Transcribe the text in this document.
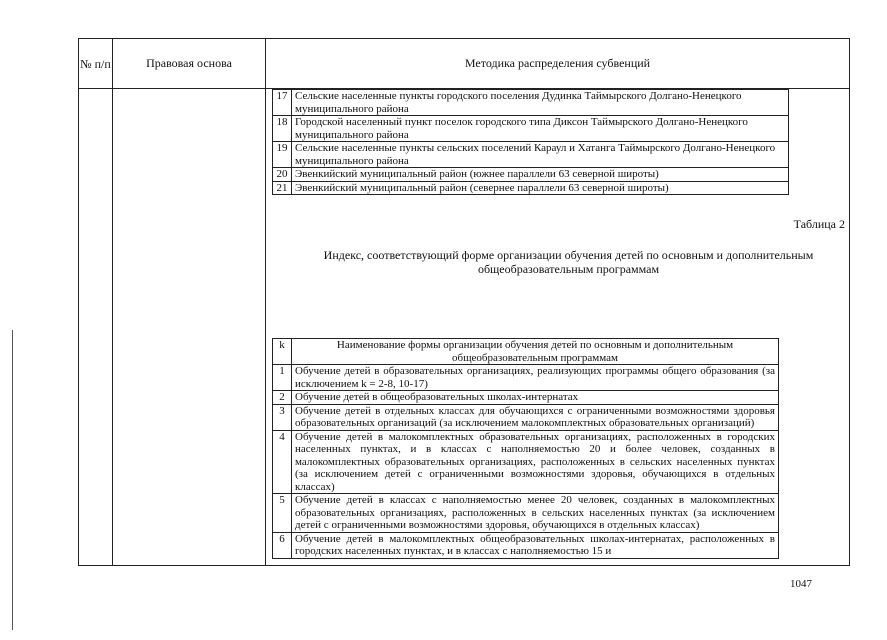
№ п/п	Правовая основа	Методика распределения субвенций

17	Сельские населенные пункты городского поселения Дудинка Таймырского Долгано-Ненецкого муниципального района
18	Городской населенный пункт поселок городского типа Диксон Таймырского Долгано-Ненецкого муниципального района
19	Сельские населенные пункты сельских поселений Караул и Хатанга Таймырского Долгано-Ненецкого муниципального района
20	Эвенкийский муниципальный район (южнее параллели 63 северной широты)
21	Эвенкийский муниципальный район (севернее параллели 63 северной широты)
Таблица 2
Индекс, соответствующий форме организации обучения детей по основным и дополнительным общеобразовательным программам
k	Наименование формы организации обучения детей по основным и дополнительным общеобразовательным программам
1	Обучение детей в образовательных организациях, реализующих программы общего образования (за исключением k = 2-8, 10-17)
2	Обучение детей в общеобразовательных школах-интернатах
3	Обучение детей в отдельных классах для обучающихся с ограниченными возможностями здоровья образовательных организаций (за исключением малокомплектных образовательных организаций)
4	Обучение детей в малокомплектных образовательных организациях, расположенных в городских населенных пунктах, и в классах с наполняемостью 20 и более человек, созданных в малокомплектных образовательных организациях, расположенных в сельских населенных пунктах (за исключением детей с ограниченными возможностями здоровья, обучающихся в отдельных классах)
5	Обучение детей в классах с наполняемостью менее 20 человек, созданных в малокомплектных образовательных организациях, расположенных в сельских населенных пунктах (за исключением детей с ограниченными возможностями здоровья, обучающихся в отдельных классах)
6	Обучение детей в малокомплектных общеобразовательных школах-интернатах, расположенных в городских населенных пунктах, и в классах с наполняемостью 15 и
1047
